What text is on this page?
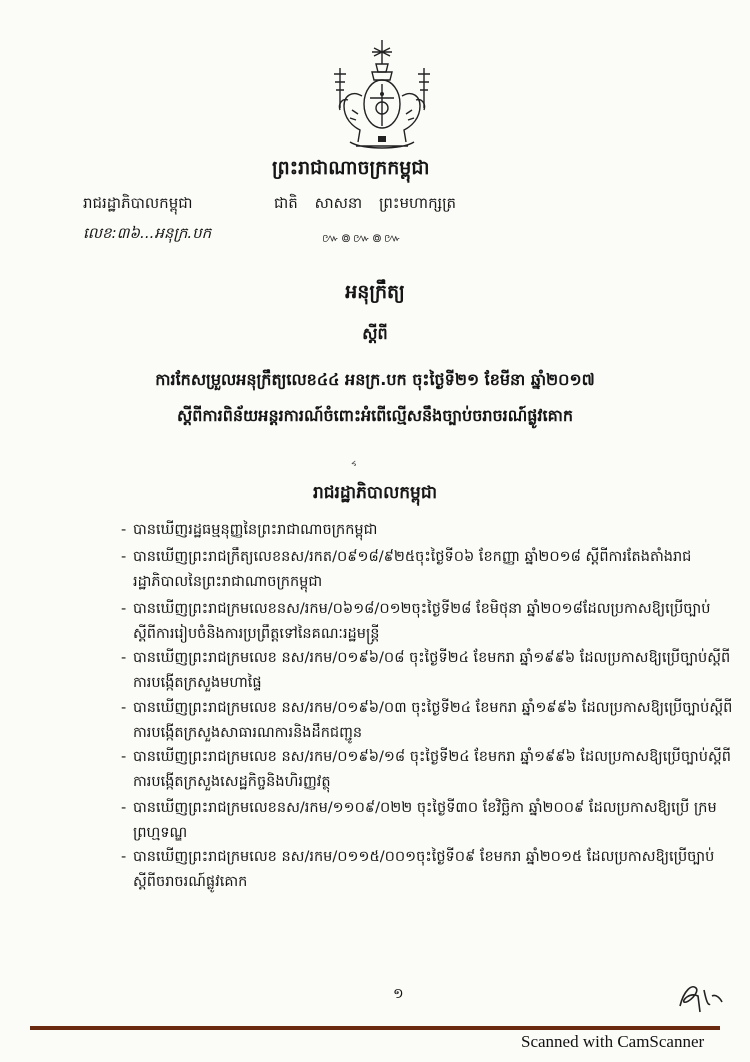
ព្រះរាជាណាចក្រកម្ពុជា
រាជរដ្ឋាភិបាលកម្ពុជា
លេខ:៣៦...អនុក្រ.បក
ជាតិ សាសនា ព្រះមហាក្សត្រ
៚៙៚៙៚
អនុក្រឹត្យ
ស្តីពី
ការកែសម្រួលអនុក្រឹត្យលេខ៤៤ អនក្រ.បក ចុះថ្ងៃទី២១ ខែមីនា ឆ្នាំ២០១៧
ស្តីពីការពិន័យអន្តរការណ៍ចំពោះអំពើល្មើសនឹងច្បាប់ចរាចរណ៍ផ្លូវគោក
៹
រាជរដ្ឋាភិបាលកម្ពុជា
- បានឃើញរដ្ឋធម្មនុញ្ញនៃព្រះរាជាណាចក្រកម្ពុជា
- បានឃើញព្រះរាជក្រឹត្យលេខនស/រកត/០៩១៨/៩២៥ចុះថ្ងៃទី០៦ ខែកញ្ញា ឆ្នាំ២០១៨ ស្តីពីការតែងតាំងរាជរដ្ឋាភិបាលនៃព្រះរាជាណាចក្រកម្ពុជា
- បានឃើញព្រះរាជក្រមលេខនស/រកម/០៦១៨/០១២ចុះថ្ងៃទី២៨ ខែមិថុនា ឆ្នាំ២០១៨ដែលប្រកាសឱ្យប្រើច្បាប់ស្តីពីការរៀបចំនិងការប្រព្រឹត្តទៅនៃគណៈរដ្ឋមន្ត្រី
- បានឃើញព្រះរាជក្រមលេខ នស/រកម/០១៩៦/០៨ ចុះថ្ងៃទី២៤ ខែមករា ឆ្នាំ១៩៩៦ ដែលប្រកាសឱ្យប្រើច្បាប់ស្តីពីការបង្កើតក្រសួងមហាផ្ទៃ
- បានឃើញព្រះរាជក្រមលេខ នស/រកម/០១៩៦/០៣ ចុះថ្ងៃទី២៤ ខែមករា ឆ្នាំ១៩៩៦ ដែលប្រកាសឱ្យប្រើច្បាប់ស្តីពីការបង្កើតក្រសួងសាធារណការនិងដឹកជញ្ជូន
- បានឃើញព្រះរាជក្រមលេខ នស/រកម/០១៩៦/១៨ ចុះថ្ងៃទី២៤ ខែមករា ឆ្នាំ១៩៩៦ ដែលប្រកាសឱ្យប្រើច្បាប់ស្តីពីការបង្កើតក្រសួងសេដ្ឋកិច្ចនិងហិរញ្ញវត្ថុ
- បានឃើញព្រះរាជក្រមលេខនស/រកម/១១០៩/០២២ ចុះថ្ងៃទី៣០ ខែវិច្ឆិកា ឆ្នាំ២០០៩ ដែលប្រកាសឱ្យប្រើ ក្រមព្រហ្មទណ្ឌ
- បានឃើញព្រះរាជក្រមលេខ នស/រកម/០១១៥/០០១ចុះថ្ងៃទី០៩ ខែមករា ឆ្នាំ២០១៥ ដែលប្រកាសឱ្យប្រើច្បាប់ស្តីពីចរាចរណ៍ផ្លូវគោក
១
Scanned with CamScanner
